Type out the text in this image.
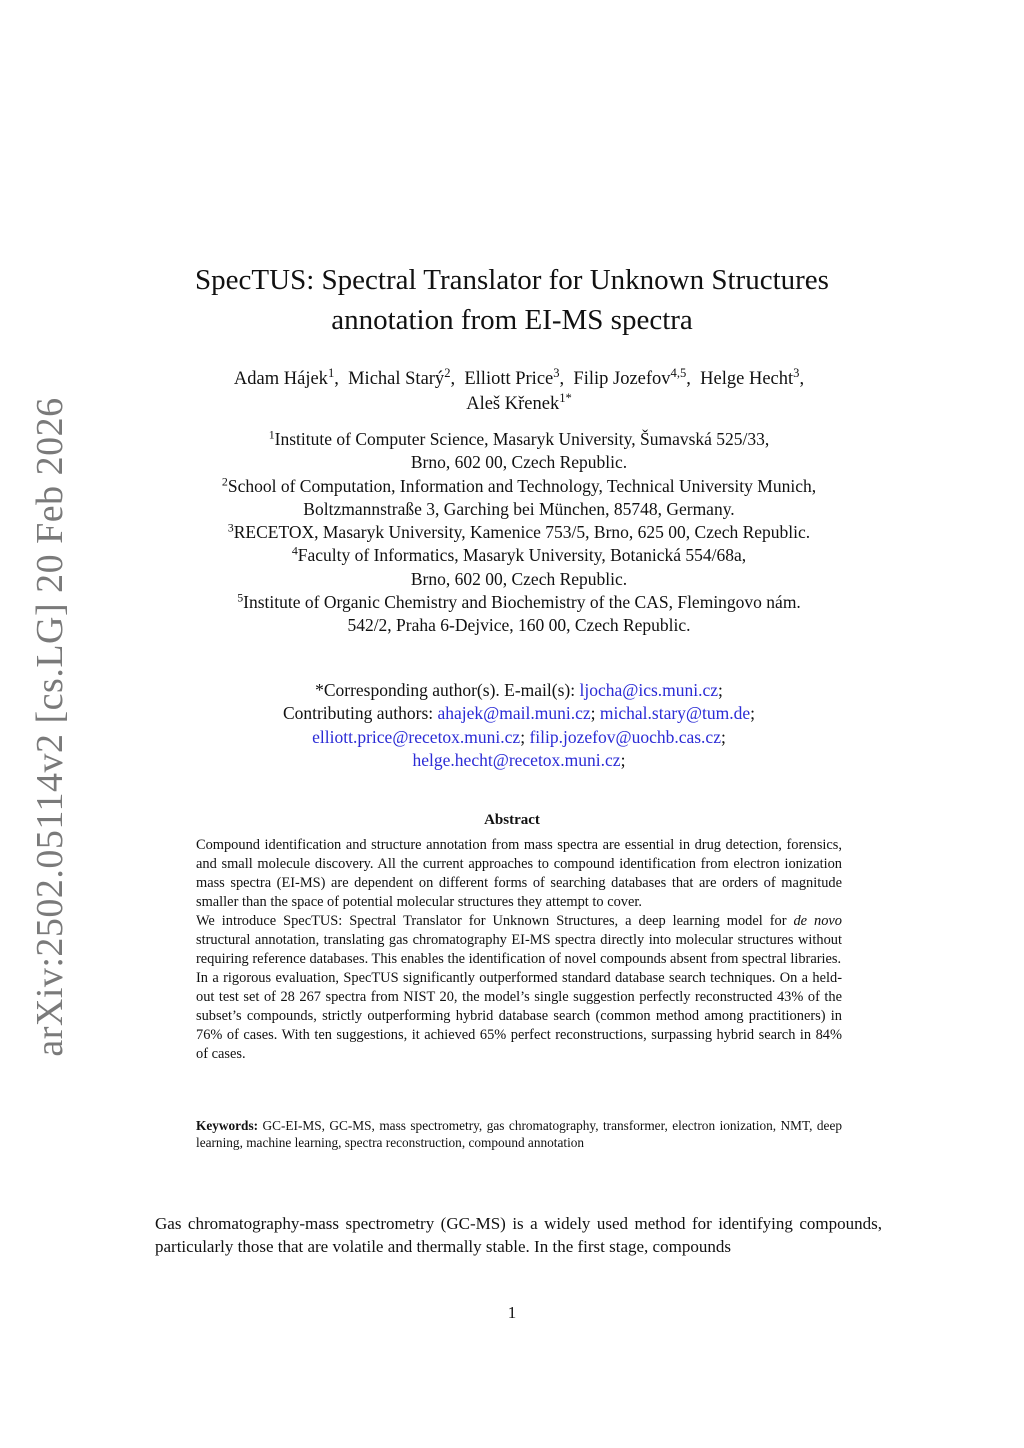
arXiv:2502.05114v2 [cs.LG] 20 Feb 2026
SpecTUS: Spectral Translator for Unknown Structures
annotation from EI-MS spectra
Adam Hájek$^1$,  Michal Starý$^2$,  Elliott Price$^3$,  Filip Jozefov$^{4,5}$,  Helge Hecht$^3$,
Aleš Křenek$^{1*}$
$^1$Institute of Computer Science, Masaryk University, Šumavská 525/33,
Brno, 602 00, Czech Republic.
$^2$School of Computation, Information and Technology, Technical University Munich,
Boltzmannstraße 3, Garching bei München, 85748, Germany.
$^3$RECETOX, Masaryk University, Kamenice 753/5, Brno, 625 00, Czech Republic.
$^4$Faculty of Informatics, Masaryk University, Botanická 554/68a,
Brno, 602 00, Czech Republic.
$^5$Institute of Organic Chemistry and Biochemistry of the CAS, Flemingovo nám.
542/2, Praha 6-Dejvice, 160 00, Czech Republic.
*Corresponding author(s). E-mail(s): ljocha@ics.muni.cz;
Contributing authors: ahajek@mail.muni.cz; michal.stary@tum.de;
elliott.price@recetox.muni.cz; filip.jozefov@uochb.cas.cz;
helge.hecht@recetox.muni.cz;
Abstract

Compound identification and structure annotation from mass spectra are essential in drug detection, forensics, and small molecule discovery. All the current approaches to compound identification from electron ionization mass spectra (EI-MS) are dependent on different forms of searching databases that are orders of magnitude smaller than the space of potential molecular structures they attempt to cover.

We introduce SpecTUS: Spectral Translator for Unknown Structures, a deep learning model for de novo structural annotation, translating gas chromatography EI-MS spectra directly into molecular structures without requiring reference databases. This enables the identification of novel compounds absent from spectral libraries.

In a rigorous evaluation, SpecTUS significantly outperformed standard database search techniques. On a held-out test set of 28 267 spectra from NIST 20, the model’s single suggestion perfectly reconstructed 43% of the subset’s compounds, strictly outperforming hybrid database search (common method among practitioners) in 76% of cases. With ten suggestions, it achieved 65% perfect reconstructions, surpassing hybrid search in 84% of cases.

Keywords: GC-EI-MS, GC-MS, mass spectrometry, gas chromatography, transformer, electron ionization, NMT, deep learning, machine learning, spectra reconstruction, compound annotation
Gas chromatography-mass spectrometry (GC-MS) is a widely used method for identifying compounds, particularly those that are volatile and thermally stable. In the first stage, compounds
1
